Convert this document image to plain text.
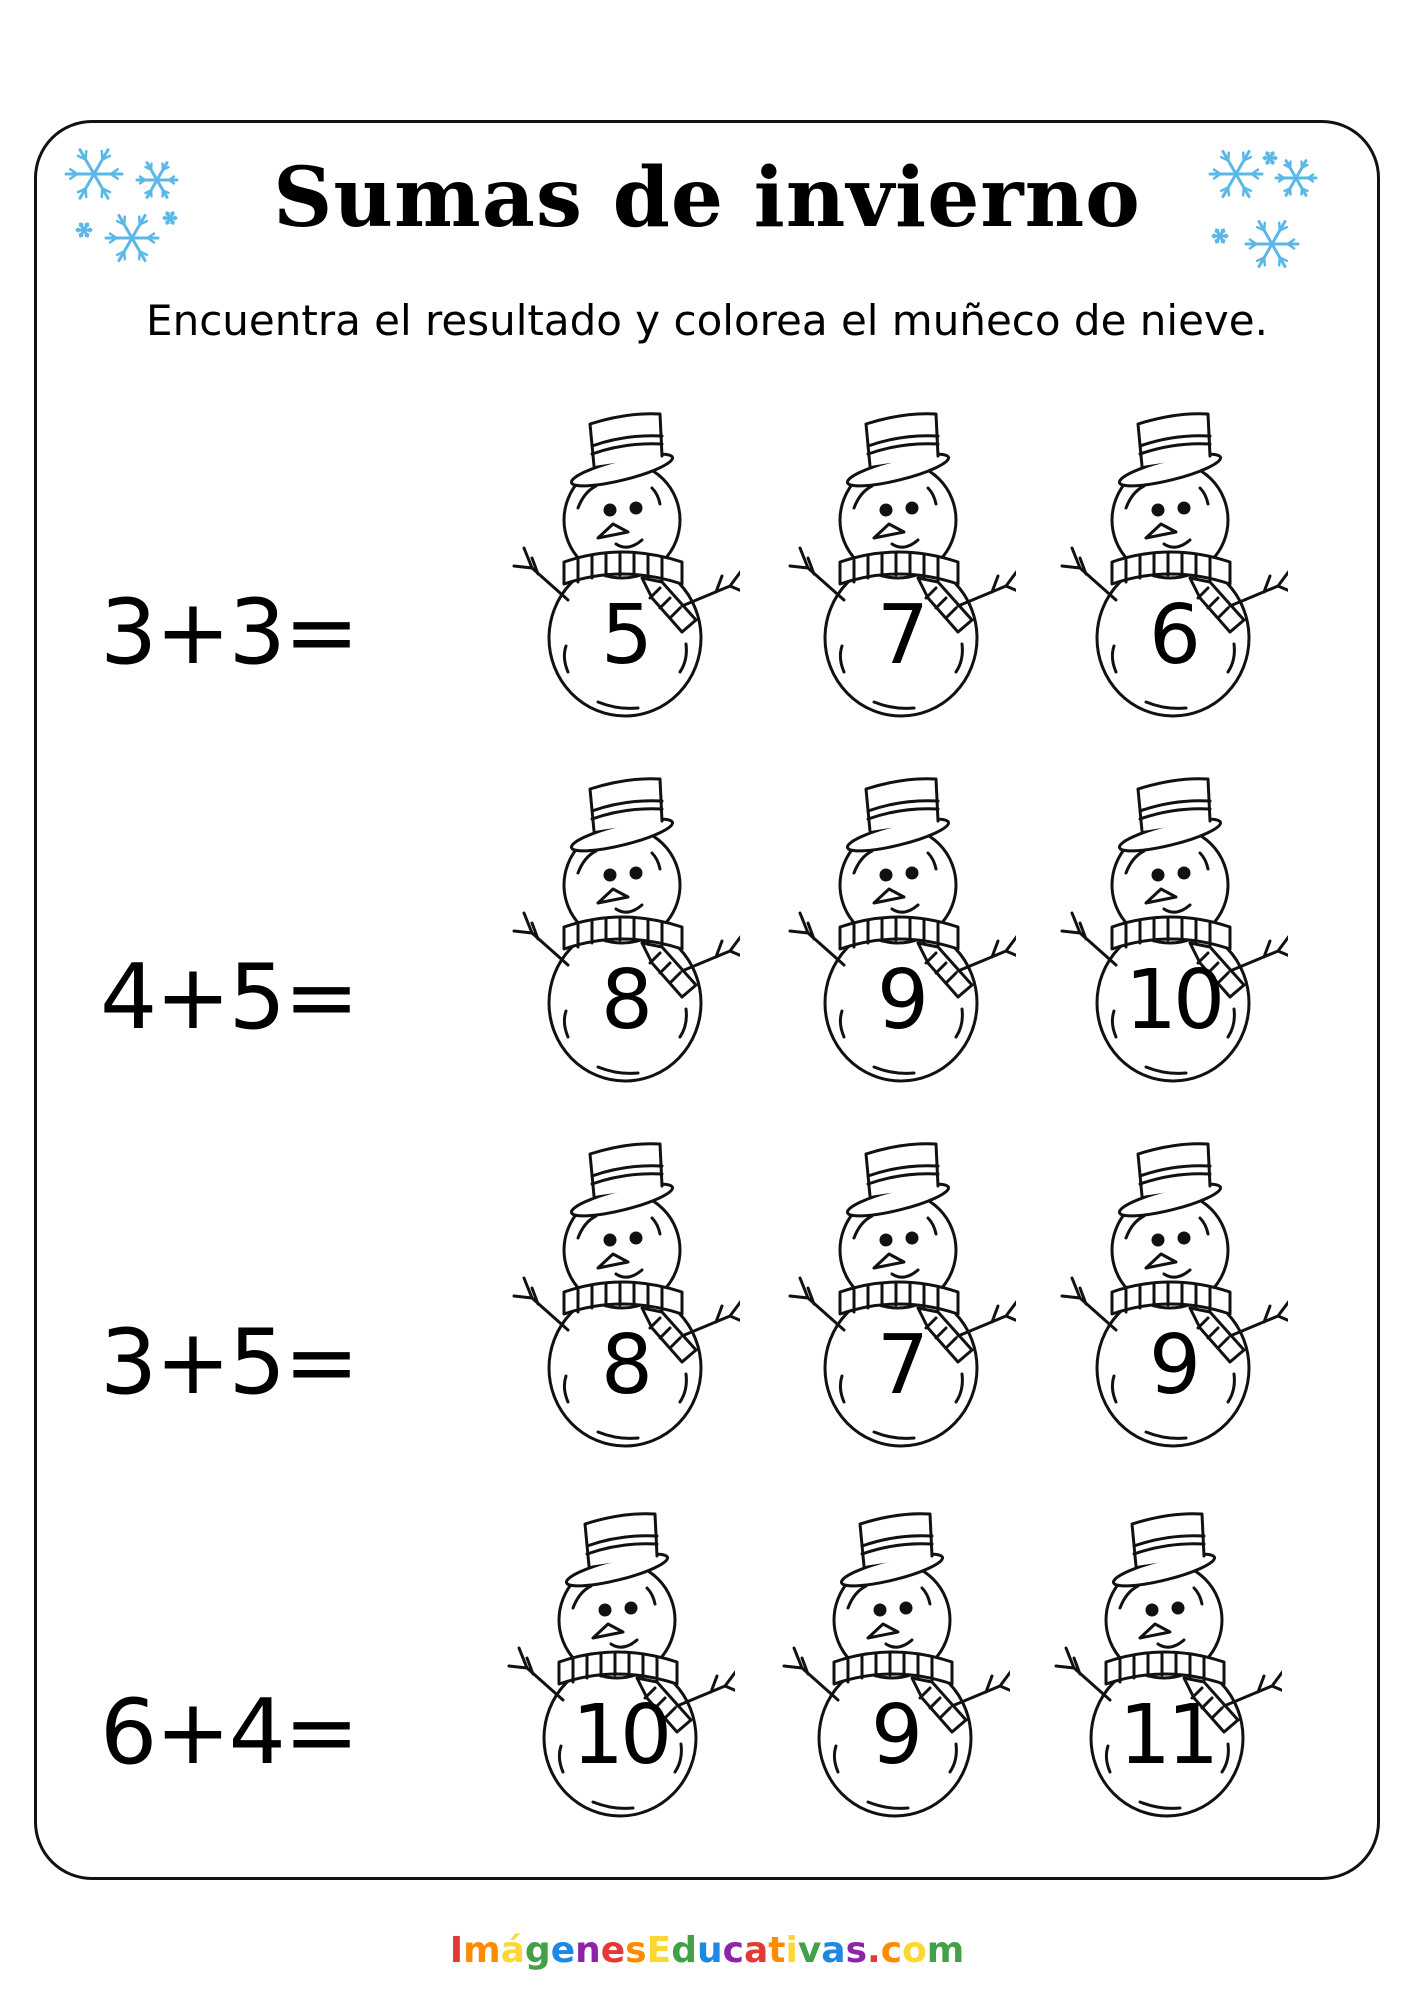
Sumas de invierno
Encuentra el resultado y colorea el muñeco de nieve.
3+3=	5	7	6
4+5=	8	9	10
3+5=	8	7	9
6+4=	10	9	11
ImágenesEducativas.com
